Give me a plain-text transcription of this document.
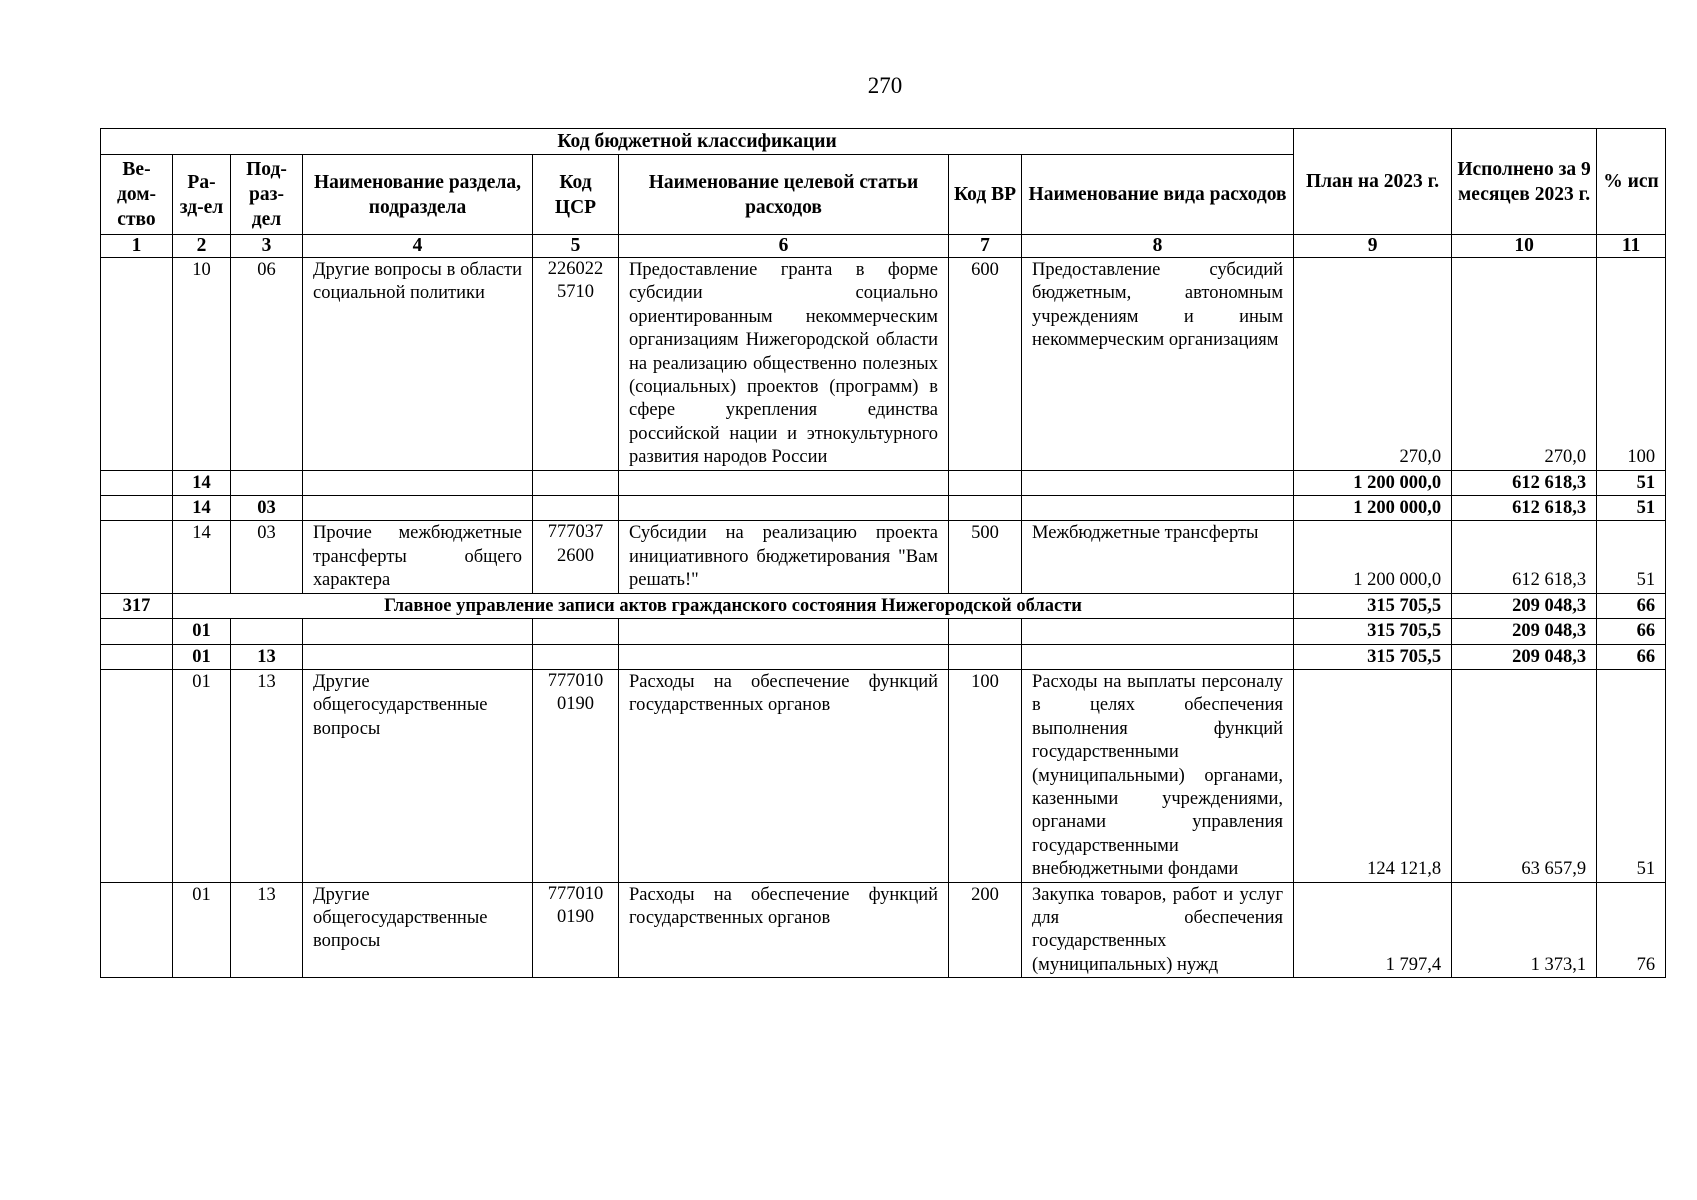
270
Код бюджетной классификации								План на 2023 г.	Исполнено за 9 месяцев 2023 г.	% исп
Ве-дом-ство	Ра-зд-ел	Под-раз-дел	Наименование раздела, подраздела	Код ЦСР	Наименование целевой статьи расходов	Код ВР	Наименование вида расходов			
1	2	3	4	5	6	7	8	9	10	11
	10	06	Другие вопросы в области социальной политики	226022 5710	Предоставление гранта в форме субсидии социально ориентированным некоммерческим организациям Нижегородской области на реализацию общественно полезных (социальных) проектов (программ) в сфере укрепления единства российской нации и этнокультурного развития народов России	600	Предоставление субсидий бюджетным, автономным учреждениям и иным некоммерческим организациям	270,0	270,0	100
	14							1 200 000,0	612 618,3	51
	14	03						1 200 000,0	612 618,3	51
	14	03	Прочие межбюджетные трансферты общего характера	777037 2600	Субсидии на реализацию проекта инициативного бюджетирования "Вам решать!"	500	Межбюджетные трансферты	1 200 000,0	612 618,3	51
317	Главное управление записи актов гражданского состояния Нижегородской области							315 705,5	209 048,3	66
	01							315 705,5	209 048,3	66
	01	13						315 705,5	209 048,3	66
	01	13	Другие общегосударственные вопросы	777010 0190	Расходы на обеспечение функций государственных органов	100	Расходы на выплаты персоналу в целях обеспечения выполнения функций государственными (муниципальными) органами, казенными учреждениями, органами управления государственными внебюджетными фондами	124 121,8	63 657,9	51
	01	13	Другие общегосударственные вопросы	777010 0190	Расходы на обеспечение функций государственных органов	200	Закупка товаров, работ и услуг для обеспечения государственных (муниципальных) нужд	1 797,4	1 373,1	76
